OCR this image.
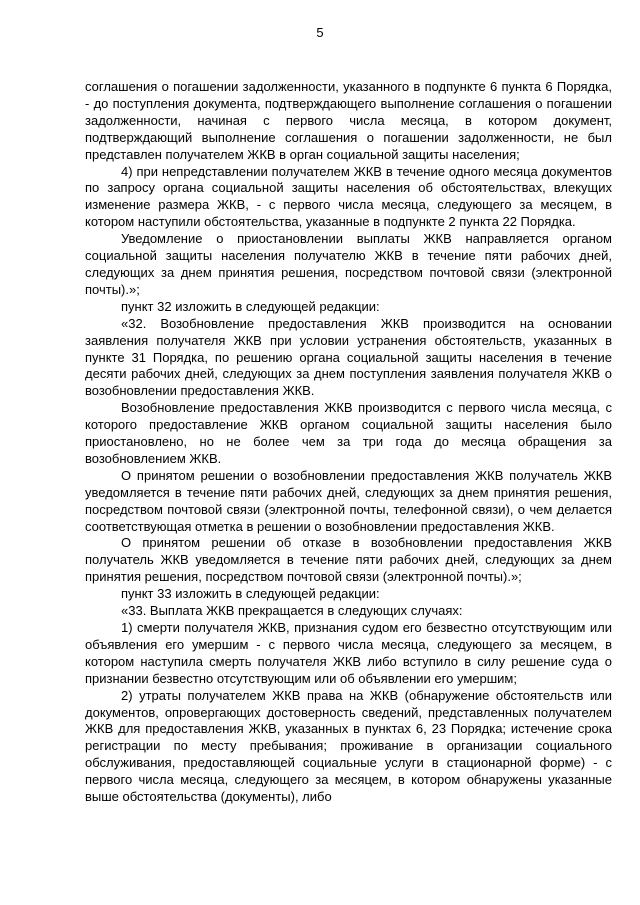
5

соглашения о погашении задолженности, указанного в подпункте 6 пункта 6 Порядка, - до поступления документа, подтверждающего выполнение соглашения о погашении задолженности, начиная с первого числа месяца, в котором документ, подтверждающий выполнение соглашения о погашении задолженности, не был представлен получателем ЖКВ в орган социальной защиты населения;

4) при непредставлении получателем ЖКВ в течение одного месяца документов по запросу органа социальной защиты населения об обстоятельствах, влекущих изменение размера ЖКВ, - с первого числа месяца, следующего за месяцем, в котором наступили обстоятельства, указанные в подпункте 2 пункта 22 Порядка.

Уведомление о приостановлении выплаты ЖКВ направляется органом социальной защиты населения получателю ЖКВ в течение пяти рабочих дней, следующих за днем принятия решения, посредством почтовой связи (электронной почты).»;

пункт 32 изложить в следующей редакции:

«32. Возобновление предоставления ЖКВ производится на основании заявления получателя ЖКВ при условии устранения обстоятельств, указанных в пункте 31 Порядка, по решению органа социальной защиты населения в течение десяти рабочих дней, следующих за днем поступления заявления получателя ЖКВ о возобновлении предоставления ЖКВ.

Возобновление предоставления ЖКВ производится с первого числа месяца, с которого предоставление ЖКВ органом социальной защиты населения было приостановлено, но не более чем за три года до месяца обращения за возобновлением ЖКВ.

О принятом решении о возобновлении предоставления ЖКВ получатель ЖКВ уведомляется в течение пяти рабочих дней, следующих за днем принятия решения, посредством почтовой связи (электронной почты, телефонной связи), о чем делается соответствующая отметка в решении о возобновлении предоставления ЖКВ.

О принятом решении об отказе в возобновлении предоставления ЖКВ получатель ЖКВ уведомляется в течение пяти рабочих дней, следующих за днем принятия решения, посредством почтовой связи (электронной почты).»;

пункт 33 изложить в следующей редакции:

«33. Выплата ЖКВ прекращается в следующих случаях:

1) смерти получателя ЖКВ, признания судом его безвестно отсутствующим или объявления его умершим - с первого числа месяца, следующего за месяцем, в котором наступила смерть получателя ЖКВ либо вступило в силу решение суда о признании безвестно отсутствующим или об объявлении его умершим;

2) утраты получателем ЖКВ права на ЖКВ (обнаружение обстоятельств или документов, опровергающих достоверность сведений, представленных получателем ЖКВ для предоставления ЖКВ, указанных в пунктах 6, 23 Порядка; истечение срока регистрации по месту пребывания; проживание в организации социального обслуживания, предоставляющей социальные услуги в стационарной форме) - с первого числа месяца, следующего за месяцем, в котором обнаружены указанные выше обстоятельства (документы), либо
